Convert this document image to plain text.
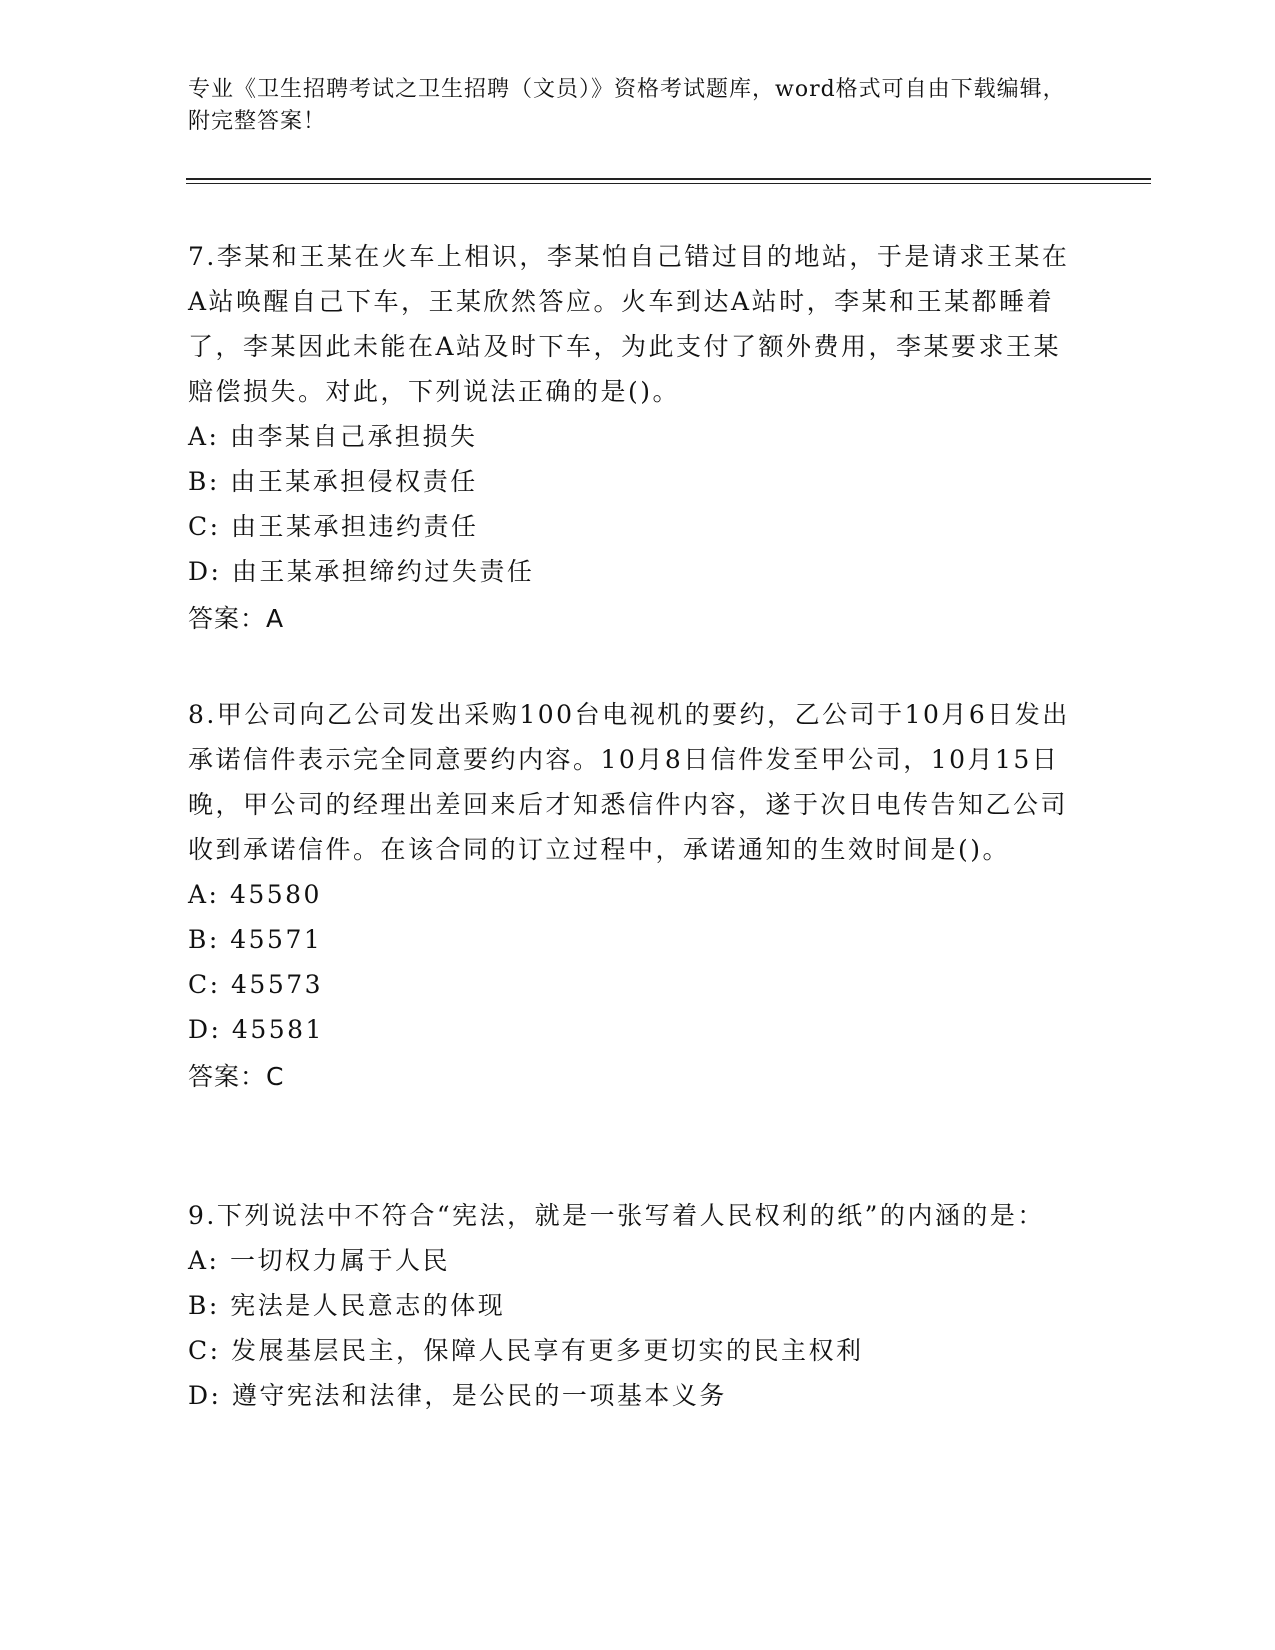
专业《卫生招聘考试之卫生招聘（文员）》资格考试题库，word格式可自由下载编辑，附完整答案！
7.李某和王某在火车上相识，李某怕自己错过目的地站，于是请求王某在A站唤醒自己下车，王某欣然答应。火车到达A站时，李某和王某都睡着了，李某因此未能在A站及时下车，为此支付了额外费用，李某要求王某赔偿损失。对此，下列说法正确的是()。
A: 由李某自己承担损失
B: 由王某承担侵权责任
C: 由王某承担违约责任
D: 由王某承担缔约过失责任
答案：A
8.甲公司向乙公司发出采购100台电视机的要约，乙公司于10月6日发出承诺信件表示完全同意要约内容。10月8日信件发至甲公司，10月15日晚，甲公司的经理出差回来后才知悉信件内容，遂于次日电传告知乙公司收到承诺信件。在该合同的订立过程中，承诺通知的生效时间是()。
A: 45580
B: 45571
C: 45573
D: 45581
答案：C
9.下列说法中不符合“宪法，就是一张写着人民权利的纸”的内涵的是：
A: 一切权力属于人民
B: 宪法是人民意志的体现
C: 发展基层民主，保障人民享有更多更切实的民主权利
D: 遵守宪法和法律，是公民的一项基本义务
